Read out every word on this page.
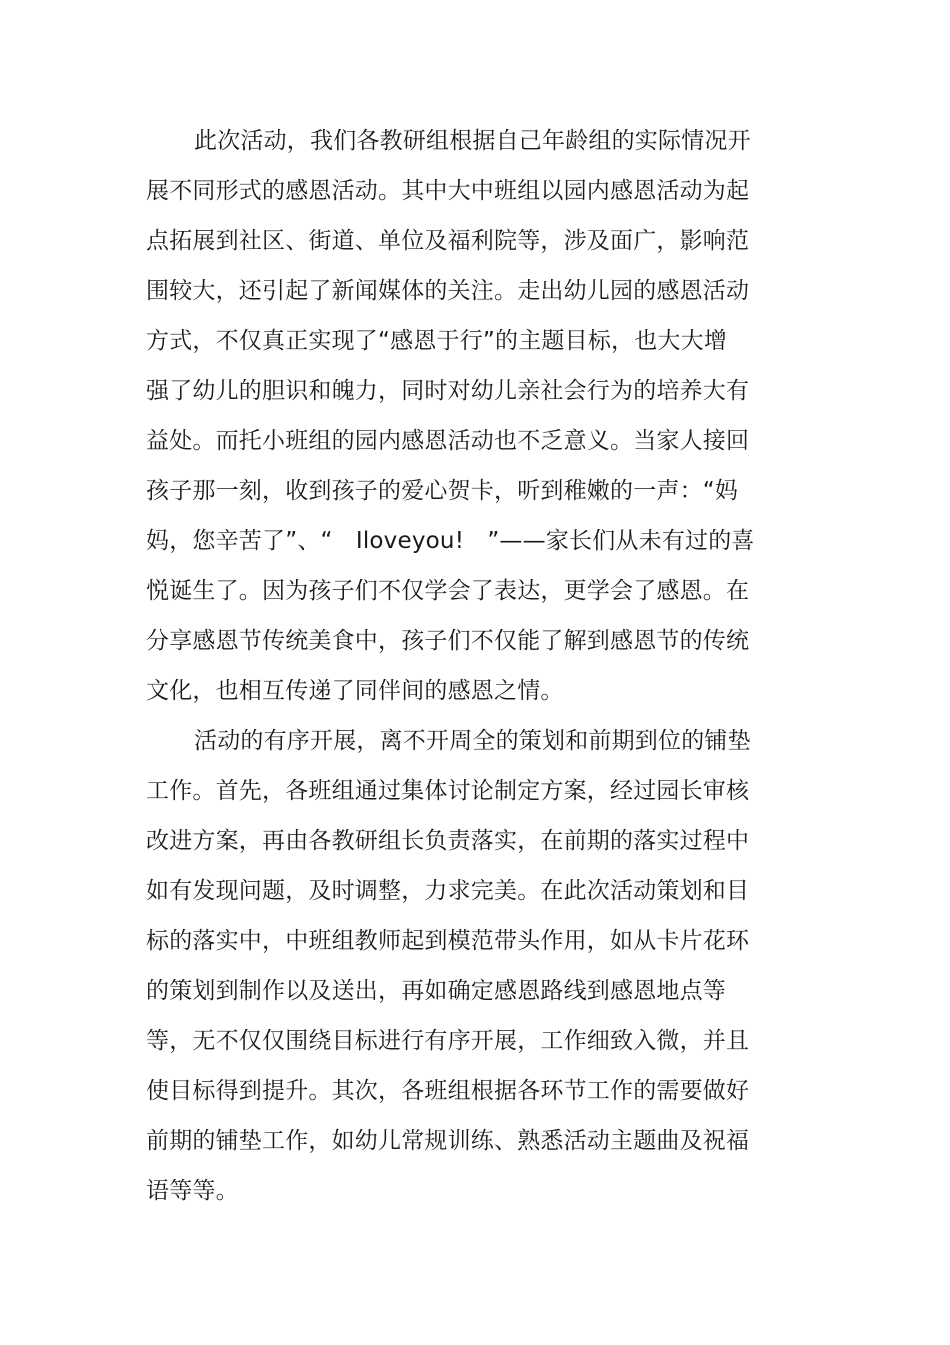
此次活动，我们各教研组根据自己年龄组的实际情况开
展不同形式的感恩活动。其中大中班组以园内感恩活动为起
点拓展到社区、街道、单位及福利院等，涉及面广，影响范
围较大，还引起了新闻媒体的关注。走出幼儿园的感恩活动
方式，不仅真正实现了“感恩于行”的主题目标，也大大增
强了幼儿的胆识和魄力，同时对幼儿亲社会行为的培养大有
益处。而托小班组的园内感恩活动也不乏意义。当家人接回
孩子那一刻，收到孩子的爱心贺卡，听到稚嫩的一声：“妈
妈，您辛苦了”、“　Iloveyou!　”——家长们从未有过的喜
悦诞生了。因为孩子们不仅学会了表达，更学会了感恩。在
分享感恩节传统美食中，孩子们不仅能了解到感恩节的传统
文化，也相互传递了同伴间的感恩之情。
活动的有序开展，离不开周全的策划和前期到位的铺垫
工作。首先，各班组通过集体讨论制定方案，经过园长审核
改进方案，再由各教研组长负责落实，在前期的落实过程中
如有发现问题，及时调整，力求完美。在此次活动策划和目
标的落实中，中班组教师起到模范带头作用，如从卡片花环
的策划到制作以及送出，再如确定感恩路线到感恩地点等
等，无不仅仅围绕目标进行有序开展，工作细致入微，并且
使目标得到提升。其次，各班组根据各环节工作的需要做好
前期的铺垫工作，如幼儿常规训练、熟悉活动主题曲及祝福
语等等。
